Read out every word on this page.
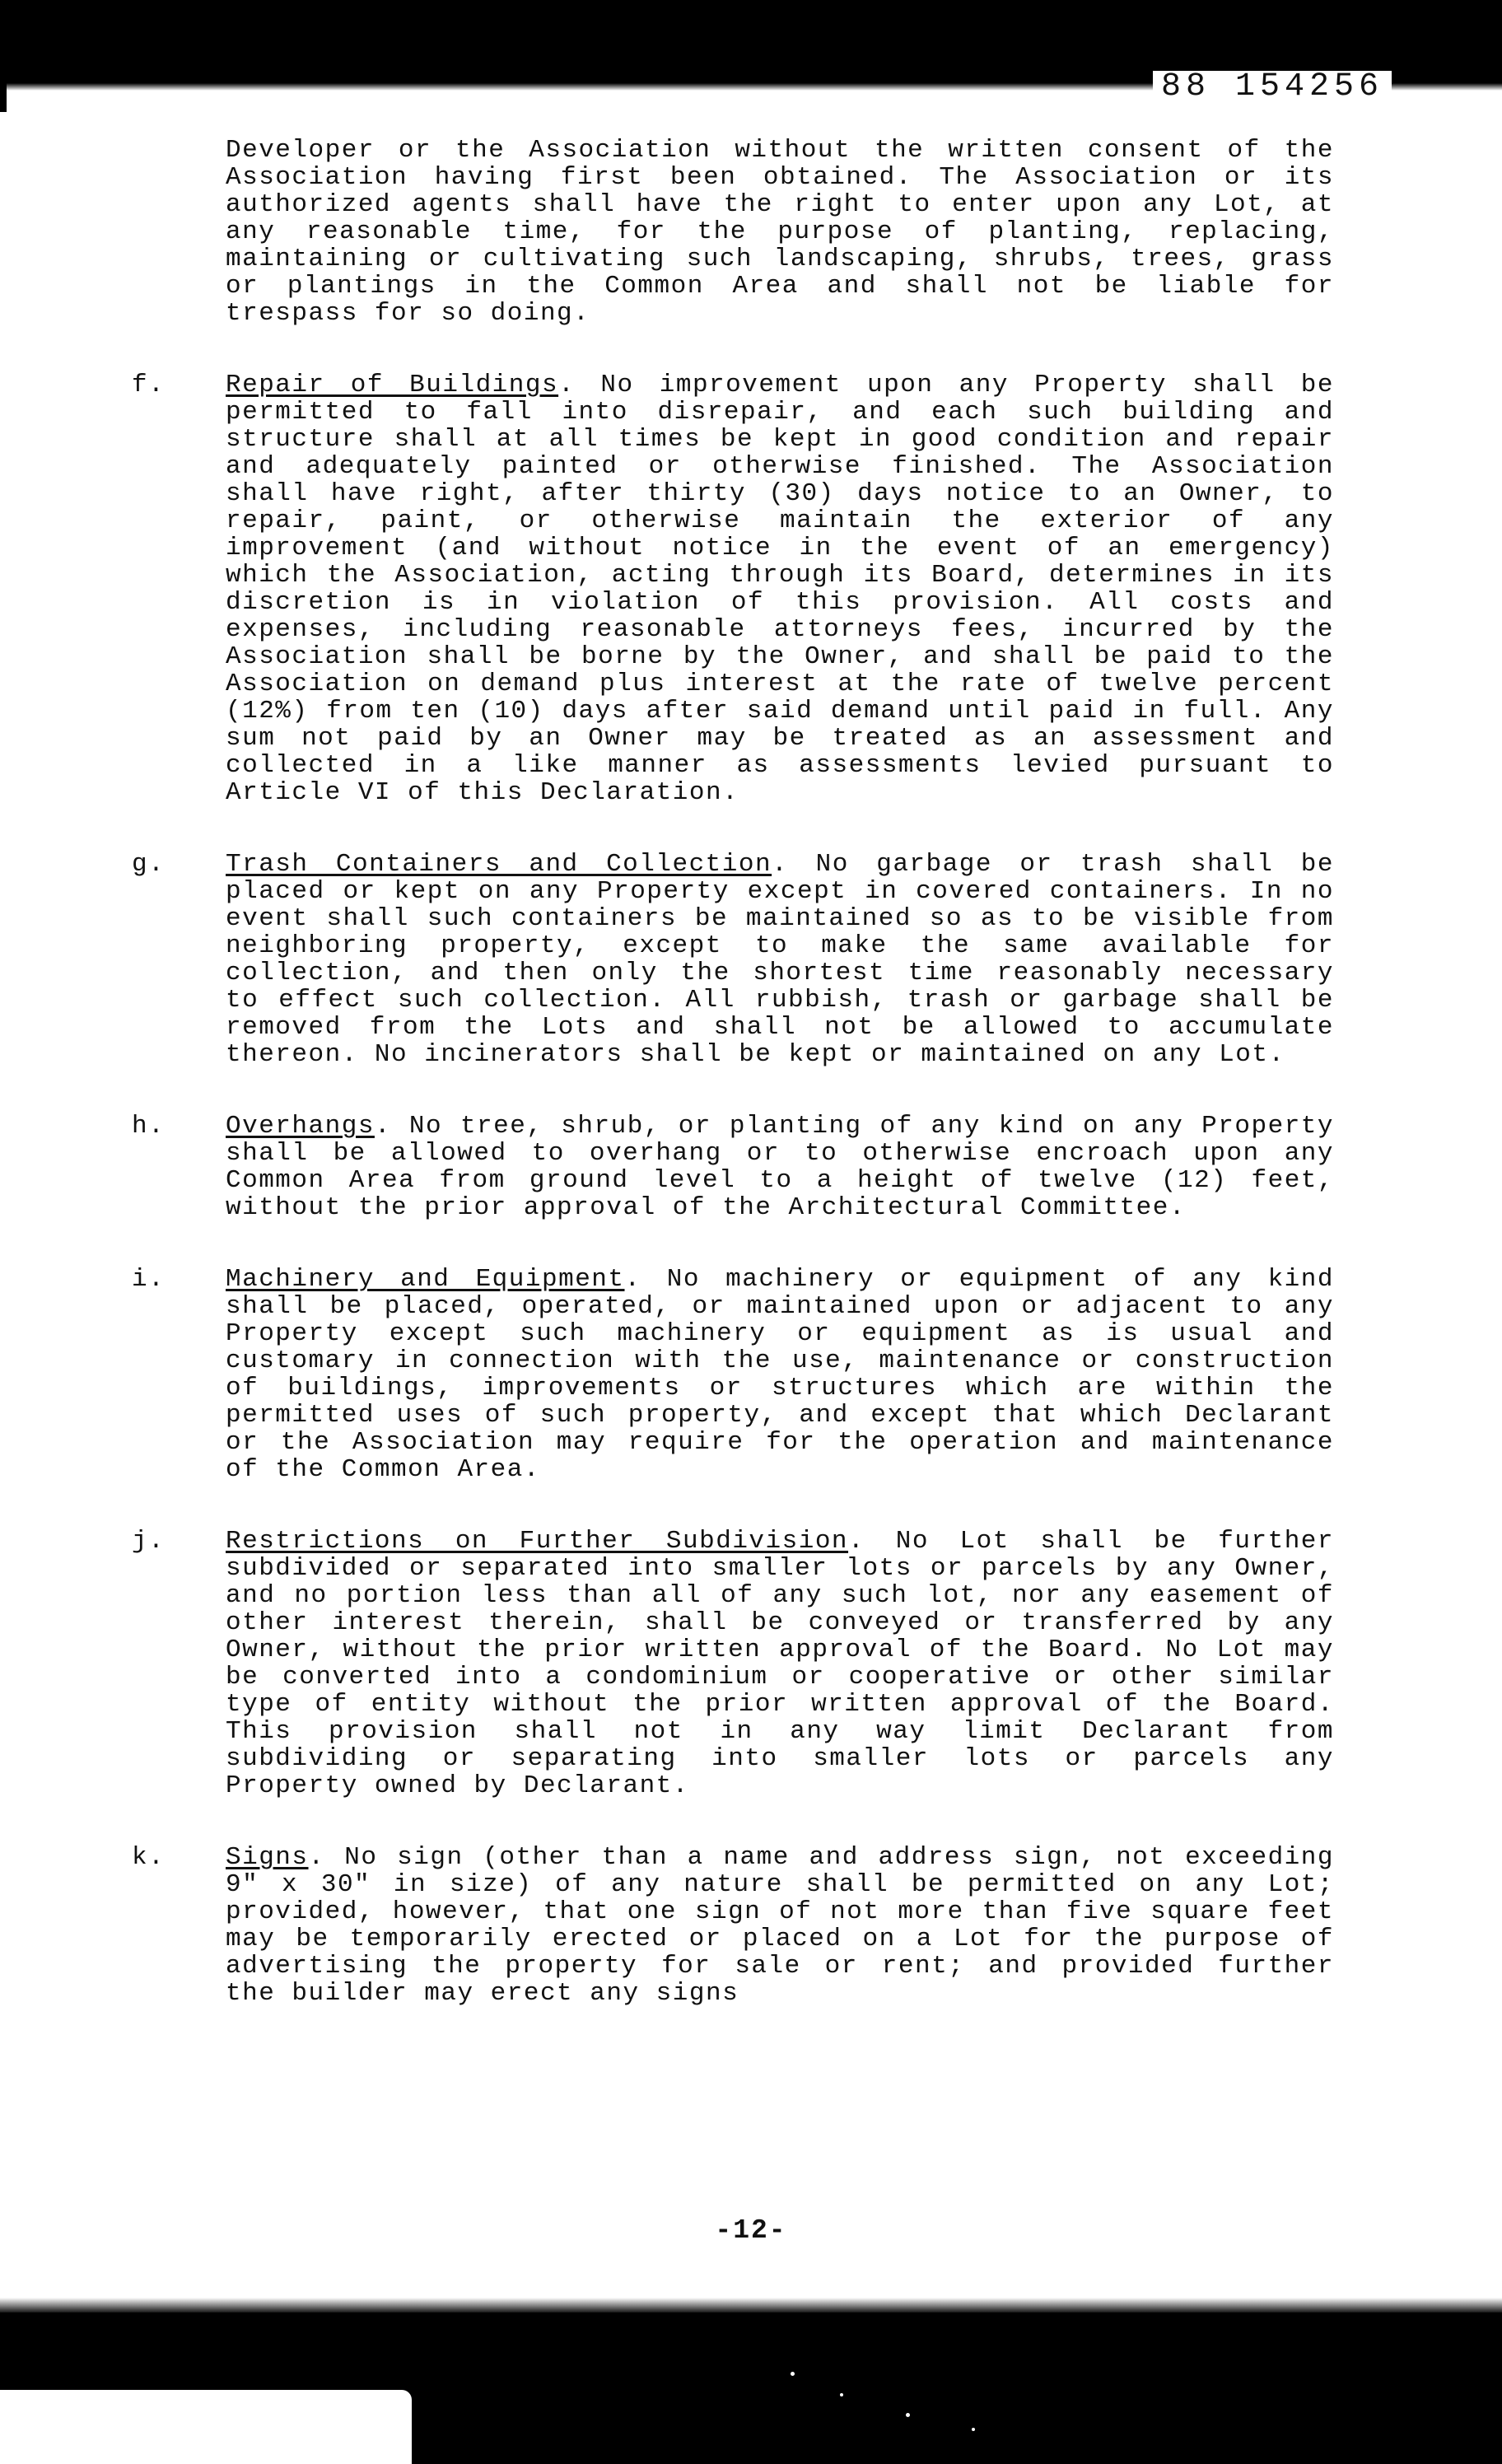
88 154256

Developer or the Association without the written consent of the Association having first been obtained. The Association or its authorized agents shall have the right to enter upon any Lot, at any reasonable time, for the purpose of planting, replacing, maintaining or cultivating such landscaping, shrubs, trees, grass or plantings in the Common Area and shall not be liable for trespass for so doing.

f. Repair of Buildings. No improvement upon any Property shall be permitted to fall into disrepair, and each such building and structure shall at all times be kept in good condition and repair and adequately painted or otherwise finished. The Association shall have right, after thirty (30) days notice to an Owner, to repair, paint, or otherwise maintain the exterior of any improvement (and without notice in the event of an emergency) which the Association, acting through its Board, determines in its discretion is in violation of this provision. All costs and expenses, including reasonable attorneys fees, incurred by the Association shall be borne by the Owner, and shall be paid to the Association on demand plus interest at the rate of twelve percent (12%) from ten (10) days after said demand until paid in full. Any sum not paid by an Owner may be treated as an assessment and collected in a like manner as assessments levied pursuant to Article VI of this Declaration.

g. Trash Containers and Collection. No garbage or trash shall be placed or kept on any Property except in covered containers. In no event shall such containers be maintained so as to be visible from neighboring property, except to make the same available for collection, and then only the shortest time reasonably necessary to effect such collection. All rubbish, trash or garbage shall be removed from the Lots and shall not be allowed to accumulate thereon. No incinerators shall be kept or maintained on any Lot.

h. Overhangs. No tree, shrub, or planting of any kind on any Property shall be allowed to overhang or to otherwise encroach upon any Common Area from ground level to a height of twelve (12) feet, without the prior approval of the Architectural Committee.

i. Machinery and Equipment. No machinery or equipment of any kind shall be placed, operated, or maintained upon or adjacent to any Property except such machinery or equipment as is usual and customary in connection with the use, maintenance or construction of buildings, improvements or structures which are within the permitted uses of such property, and except that which Declarant or the Association may require for the operation and maintenance of the Common Area.

j. Restrictions on Further Subdivision. No Lot shall be further subdivided or separated into smaller lots or parcels by any Owner, and no portion less than all of any such lot, nor any easement of other interest therein, shall be conveyed or transferred by any Owner, without the prior written approval of the Board. No Lot may be converted into a condominium or cooperative or other similar type of entity without the prior written approval of the Board. This provision shall not in any way limit Declarant from subdividing or separating into smaller lots or parcels any Property owned by Declarant.

k. Signs. No sign (other than a name and address sign, not exceeding 9" x 30" in size) of any nature shall be permitted on any Lot; provided, however, that one sign of not more than five square feet may be temporarily erected or placed on a Lot for the purpose of advertising the property for sale or rent; and provided further the builder may erect any signs

-12-
